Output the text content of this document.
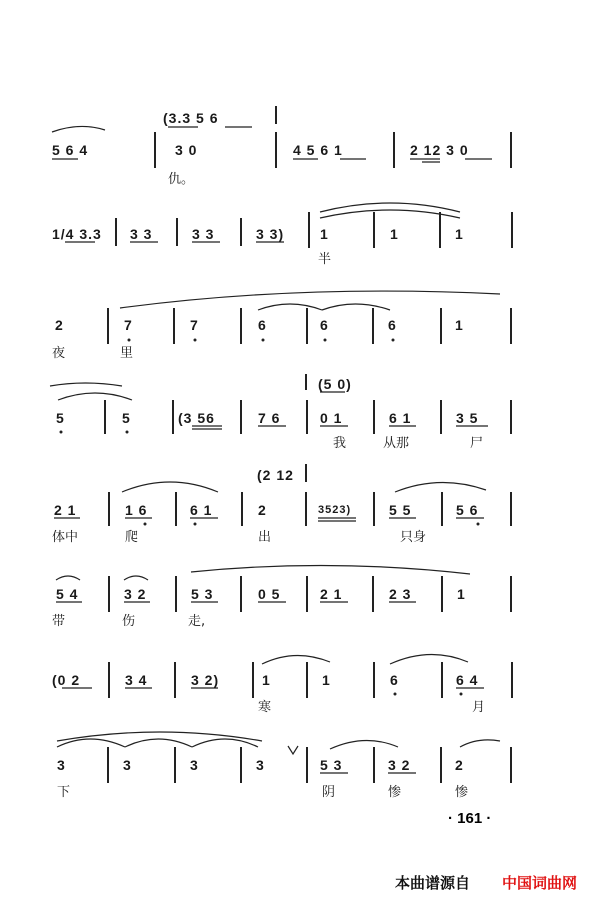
(3.3 5 6
5 6 4	3 0	4 5 6 1	2 12 3 0
仇。
1/4 3.3 3 3	3 3	3 3)	1	1	1
半
2	7	7	6	6	6	1
夜	里
(5 0)
5	5	(3 56	7 6	0 1	6 1	3 5
我	从那	尸
(2 12
2 1	1 6	6 1	2	3523)	5 5	5 6
体中	爬	出	只身
5 4	3 2	5 3	0 5	2 1	2 3	1
带	伤	走,
(0 2	3 4	3 2)	1	1	6	6 4
寒	月
3	3	3	3	5 3	3 2	2
下	阴	惨	惨
· 161 ·
本曲谱源自 中国词曲网
